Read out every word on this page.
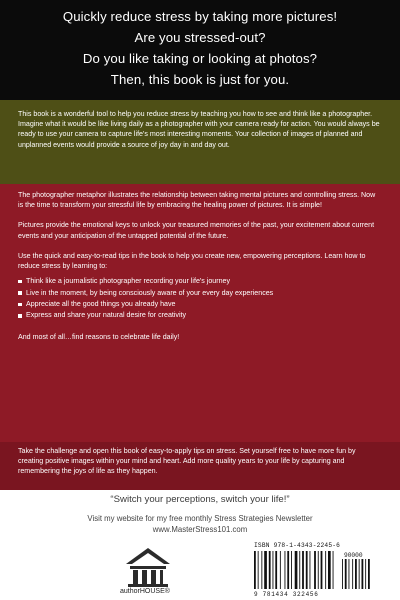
Quickly reduce stress by taking more pictures!
Are you stressed-out?
Do you like taking or looking at photos?
Then, this book is just for you.

This book is a wonderful tool to help you reduce stress by teaching you how to see and think like a photographer. Imagine what it would be like living daily as a photographer with your camera ready for action. You would always be ready to use your camera to capture life's most interesting moments. Your collection of images of planned and unplanned events would provide a source of joy day in and day out.

The photographer metaphor illustrates the relationship between taking mental pictures and controlling stress. Now is the time to transform your stressful life by embracing the healing power of pictures. It is simple!

Pictures provide the emotional keys to unlock your treasured memories of the past, your excitement about current events and your anticipation of the untapped potential of the future.

Use the quick and easy-to-read tips in the book to help you create new, empowering perceptions. Learn how to reduce stress by learning to:

Think like a journalistic photographer recording your life's journey
Live in the moment, by being consciously aware of your every day experiences
Appreciate all the good things you already have
Express and share your natural desire for creativity

And most of all…find reasons to celebrate life daily!

Take the challenge and open this book of easy-to-apply tips on stress. Set yourself free to have more fun by creating positive images within your mind and heart. Add more quality years to your life by capturing and remembering the joys of life as they happen.

“Switch your perceptions, switch your life!”
Visit my website for my free monthly Stress Strategies Newsletter
www.MasterStress101.com
authorHOUSE®
ISBN 978-1-4343-2245-6
90000
9 781434 322456
